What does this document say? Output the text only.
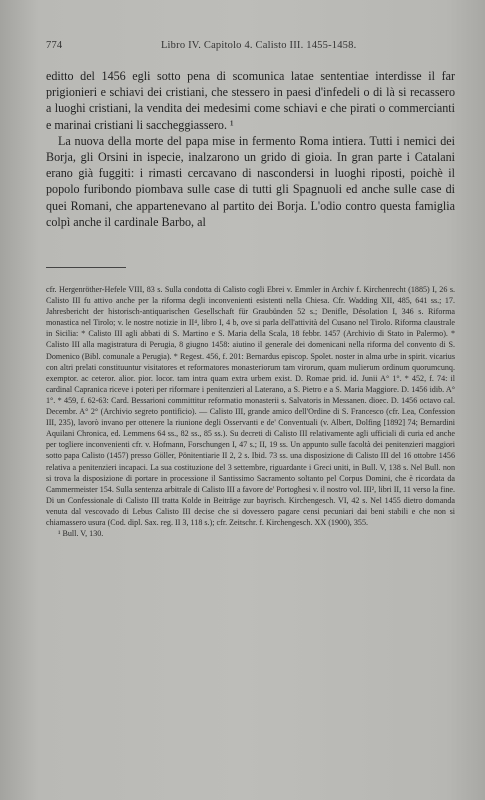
774	Libro IV. Capitolo 4. Calisto III. 1455-1458.

editto del 1456 egli sotto pena di scomunica latae sententiae interdisse il far prigionieri e schiavi dei cristiani, che stessero in paesi d'infedeli o di là si recassero a luoghi cristiani, la vendita dei medesimi come schiavi e che pirati o commercianti e marinai cristiani li saccheggiassero. ¹

La nuova della morte del papa mise in fermento Roma intiera. Tutti i nemici dei Borja, gli Orsini in ispecie, inalzarono un grido di gioia. In gran parte i Catalani erano già fuggiti: i rimasti cercavano di nascondersi in luoghi riposti, poichè il popolo furibondo piombava sulle case di tutti gli Spagnuoli ed anche sulle case di quei Romani, che appartenevano al partito dei Borja. L'odio contro questa famiglia colpì anche il cardinale Barbo, al

cfr. Hergenröther-Hefele VIII, 83 s. Sulla condotta di Calisto cogli Ebrei v. Emmler in Archiv f. Kirchenrecht (1885) I, 26 s. Calisto III fu attivo anche per la riforma degli inconvenienti esistenti nella Chiesa. Cfr. Wadding XII, 485, 641 ss.; 17. Jahresbericht der historisch-antiquarischen Gesellschaft für Graubünden 52 s.; Denifle, Désolation I, 346 s. Riforma monastica nel Tirolo; v. le nostre notizie in II⁴, libro I, 4 b, ove si parla dell'attività del Cusano nel Tirolo. Riforma claustrale in Sicilia: * Calisto III agli abbati di S. Martino e S. Maria della Scala, 18 febbr. 1457 (Archivio di Stato in Palermo). * Calisto III alla magistratura di Perugia, 8 giugno 1458: aiutino il generale dei domenicani nella riforma del convento di S. Domenico (Bibl. comunale a Perugia). * Regest. 456, f. 201: Bernardus episcop. Spolet. noster in alma urbe in spirit. vicarius con altri prelati constituuntur visitatores et reformatores monasteriorum tam virorum, quam mulierum ordinum quorumcunq. exemptor. ac ceteror. alior. pior. locor. tam intra quam extra urbem exist. D. Romae prid. id. Junii A° 1°. * 452, f. 74: il cardinal Capranica riceve i poteri per riformare i penitenzieri al Laterano, a S. Pietro e a S. Maria Maggiore. D. 1456 idib. A° 1°. * 459, f. 62-63: Card. Bessarioni committitur reformatio monasterii s. Salvatoris in Messanen. dioec. D. 1456 octavo cal. Decembr. A° 2° (Archivio segreto pontificio). — Calisto III, grande amico dell'Ordine di S. Francesco (cfr. Lea, Confession III, 235), lavorò invano per ottenere la riunione degli Osservanti e de' Conventuali (v. Albert, Dolfing [1892] 74; Bernardini Aquilani Chronica, ed. Lemmens 64 ss., 82 ss., 85 ss.). Su decreti di Calisto III relativamente agli ufficiali di curia ed anche per togliere inconvenienti cfr. v. Hofmann, Forschungen I, 47 s.; II, 19 ss. Un appunto sulle facoltà dei penitenzieri maggiori sotto papa Calisto (1457) presso Göller, Pönitentiarie II 2, 2 s. Ibid. 73 ss. una disposizione di Calisto III del 16 ottobre 1456 relativa a penitenzieri incapaci. La sua costituzione del 3 settembre, riguardante i Greci uniti, in Bull. V, 138 s. Nel Bull. non si trova la disposizione di portare in processione il Santissimo Sacramento soltanto pel Corpus Domini, che è ricordata da Cammermeister 154. Sulla sentenza arbitrale di Calisto III a favore de' Portoghesi v. il nostro vol. III², libri II, 11 verso la fine. Di un Confessionale di Calisto III tratta Kolde in Beiträge zur bayrisch. Kirchengesch. VI, 42 s. Nel 1455 dietro domanda venuta dal vescovado di Lebus Calisto III decise che si dovessero pagare censi pecuniari dai beni stabili e che non si chiamassero usura (Cod. dipl. Sax. reg. II 3, 118 s.); cfr. Zeitschr. f. Kirchengesch. XX (1900), 355.

¹ Bull. V, 130.
